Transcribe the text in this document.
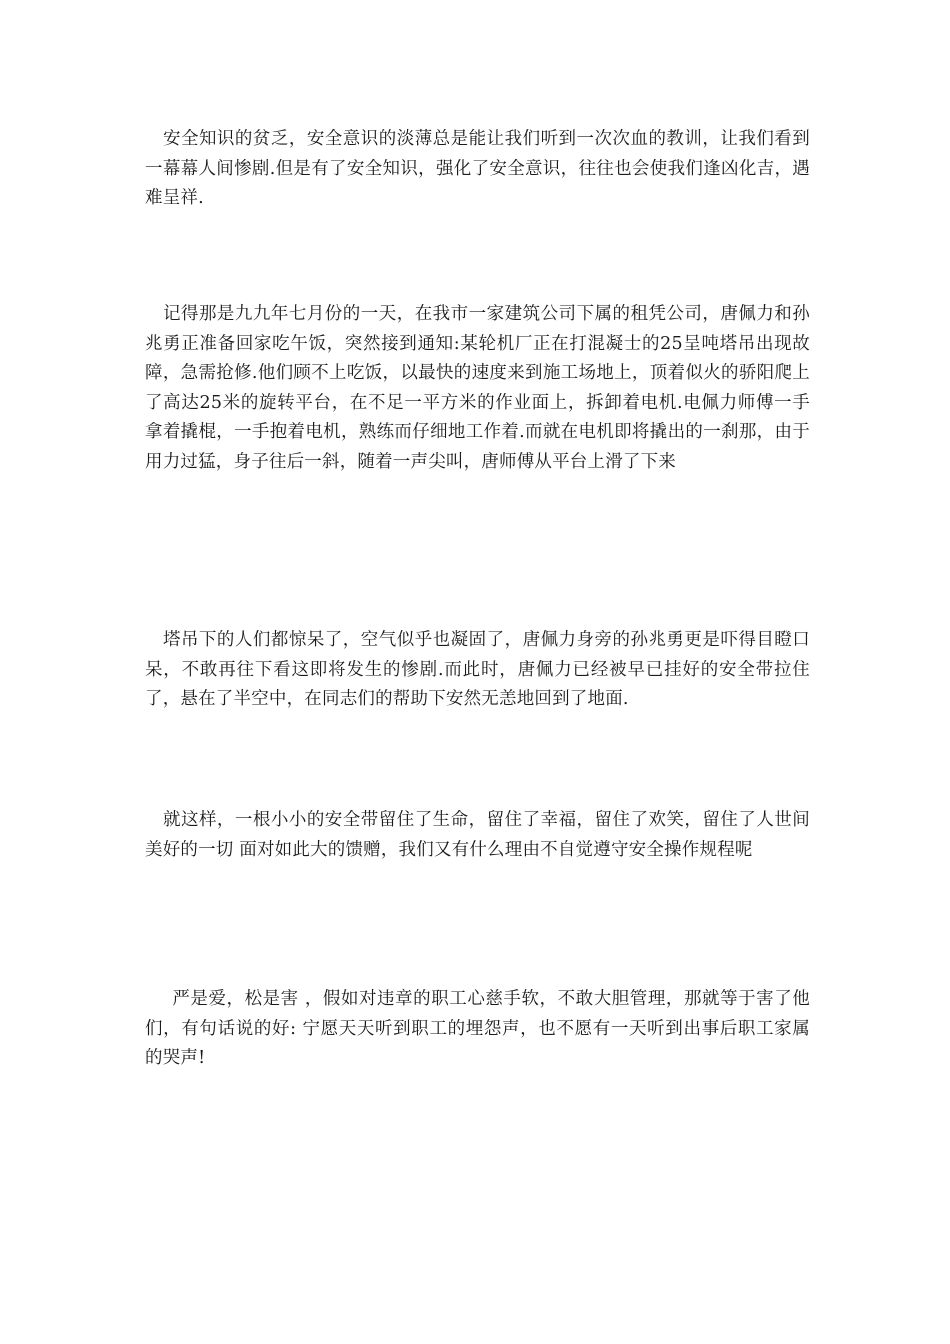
　安全知识的贫乏，安全意识的淡薄总是能让我们听到一次次血的教训，让我们看到一幕幕人间惨剧.但是有了安全知识，强化了安全意识，往往也会使我们逢凶化吉，遇难呈祥.

　记得那是九九年七月份的一天，在我市一家建筑公司下属的租凭公司，唐佩力和孙兆勇正准备回家吃午饭，突然接到通知:某轮机厂正在打混凝士的25呈吨塔吊出现故障，急需抢修.他们顾不上吃饭，以最快的速度来到施工场地上，顶着似火的骄阳爬上了高达25米的旋转平台，在不足一平方米的作业面上，拆卸着电机.电佩力师傅一手拿着撬棍，一手抱着电机，熟练而仔细地工作着.而就在电机即将撬出的一刹那，由于用力过猛，身子往后一斜，随着一声尖叫，唐师傅从平台上滑了下来

　塔吊下的人们都惊呆了，空气似乎也凝固了，唐佩力身旁的孙兆勇更是吓得目瞪口呆，不敢再往下看这即将发生的惨剧.而此时，唐佩力已经被早已挂好的安全带拉住了，悬在了半空中，在同志们的帮助下安然无恙地回到了地面.

　就这样，一根小小的安全带留住了生命，留住了幸福，留住了欢笑，留住了人世间美好的一切 面对如此大的馈赠，我们又有什么理由不自觉遵守安全操作规程呢

　 严是爱，松是害 ，假如对违章的职工心慈手软，不敢大胆管理，那就等于害了他们，有句话说的好: 宁愿天天听到职工的埋怨声，也不愿有一天听到出事后职工家属的哭声!
